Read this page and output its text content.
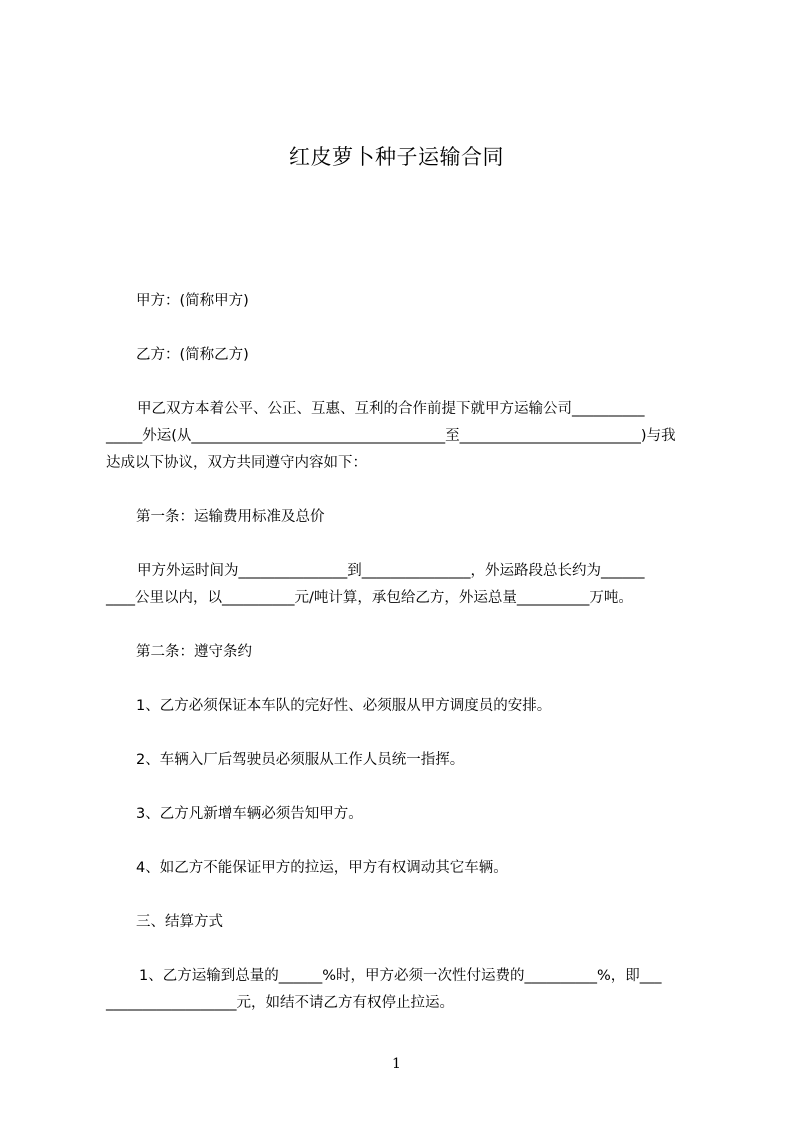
红皮萝卜种子运输合同
甲方：(简称甲方)
乙方：(简称乙方)
甲乙双方本着公平、公正、互惠、互利的合作前提下就甲方运输公司__________
_____外运(从___________________________________至_________________________)与我
达成以下协议，双方共同遵守内容如下：
第一条：运输费用标准及总价
甲方外运时间为_______________到_______________，外运路段总长约为______
____公里以内，以__________元/吨计算，承包给乙方，外运总量__________万吨。
第二条：遵守条约
1、乙方必须保证本车队的完好性、必须服从甲方调度员的安排。
2、车辆入厂后驾驶员必须服从工作人员统一指挥。
3、乙方凡新增车辆必须告知甲方。
4、如乙方不能保证甲方的拉运，甲方有权调动其它车辆。
三、结算方式
1、乙方运输到总量的______%时，甲方必须一次性付运费的__________%，即___
__________________元，如结不请乙方有权停止拉运。
1
